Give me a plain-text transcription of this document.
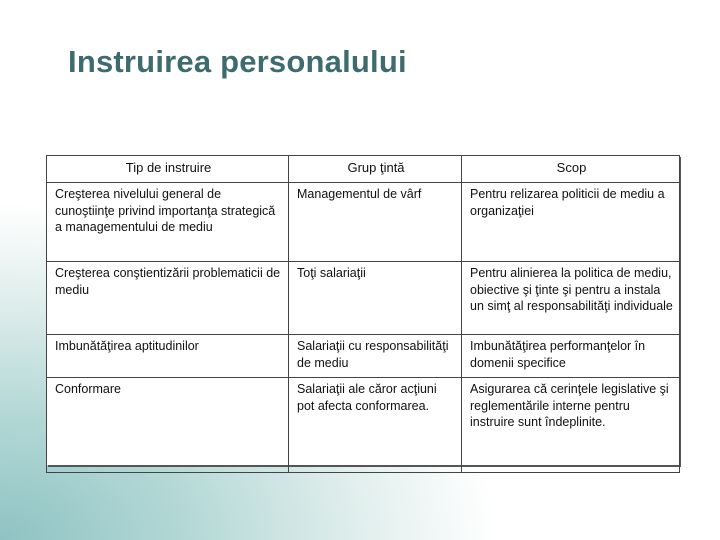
Instruirea personalului
Tip de instruire	Grup ţintă	Scop
Creşterea nivelului general de cunoştiinţe privind importanţa strategică a managementului de mediu	Managementul de vârf	Pentru relizarea politicii de mediu a organizaţiei
Creşterea conştientizării problematicii de mediu	Toţi salariaţii	Pentru alinierea la politica de mediu, obiective şi ţinte şi pentru a instala un simţ al responsabilităţi individuale
Imbunătăţirea aptitudinilor	Salariaţii cu responsabilităţi de mediu	Imbunătăţirea performanţelor în domenii specifice
Conformare	Salariaţii ale căror acţiuni pot afecta conformarea.	Asigurarea că cerinţele legislative şi reglementările interne pentru instruire sunt îndeplinite.
